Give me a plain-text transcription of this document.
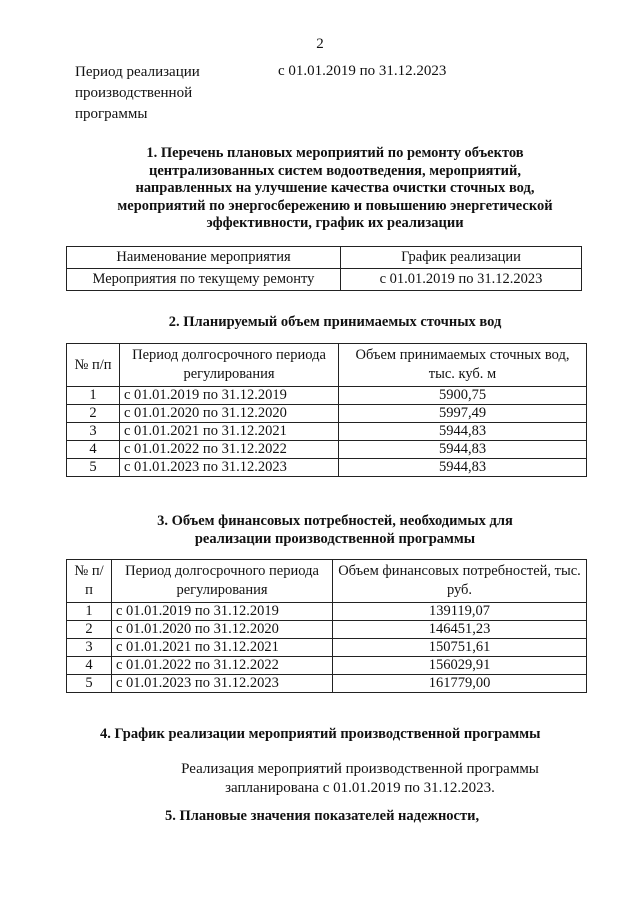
2
Период реализации
производственной
программы
с 01.01.2019 по 31.12.2023
1. Перечень плановых мероприятий по ремонту объектов
централизованных систем водоотведения, мероприятий,
направленных на улучшение качества очистки сточных вод,
мероприятий по энергосбережению и повышению энергетической
эффективности, график их реализации
Наименование мероприятия	График реализации
Мероприятия по текущему ремонту	с 01.01.2019 по 31.12.2023
2. Планируемый объем принимаемых сточных вод
№ п/п	Период долгосрочного периода регулирования	Объем принимаемых сточных вод, тыс. куб. м
1	с 01.01.2019 по 31.12.2019	5900,75
2	с 01.01.2020 по 31.12.2020	5997,49
3	с 01.01.2021 по 31.12.2021	5944,83
4	с 01.01.2022 по 31.12.2022	5944,83
5	с 01.01.2023 по 31.12.2023	5944,83
3. Объем финансовых потребностей, необходимых для
реализации производственной программы
№ п/п	Период долгосрочного периода регулирования	Объем финансовых потребностей, тыс. руб.
1	с 01.01.2019 по 31.12.2019	139119,07
2	с 01.01.2020 по 31.12.2020	146451,23
3	с 01.01.2021 по 31.12.2021	150751,61
4	с 01.01.2022 по 31.12.2022	156029,91
5	с 01.01.2023 по 31.12.2023	161779,00
4. График реализации мероприятий производственной программы
Реализация мероприятий производственной программы
запланирована с 01.01.2019 по 31.12.2023.
5. Плановые значения показателей надежности,
